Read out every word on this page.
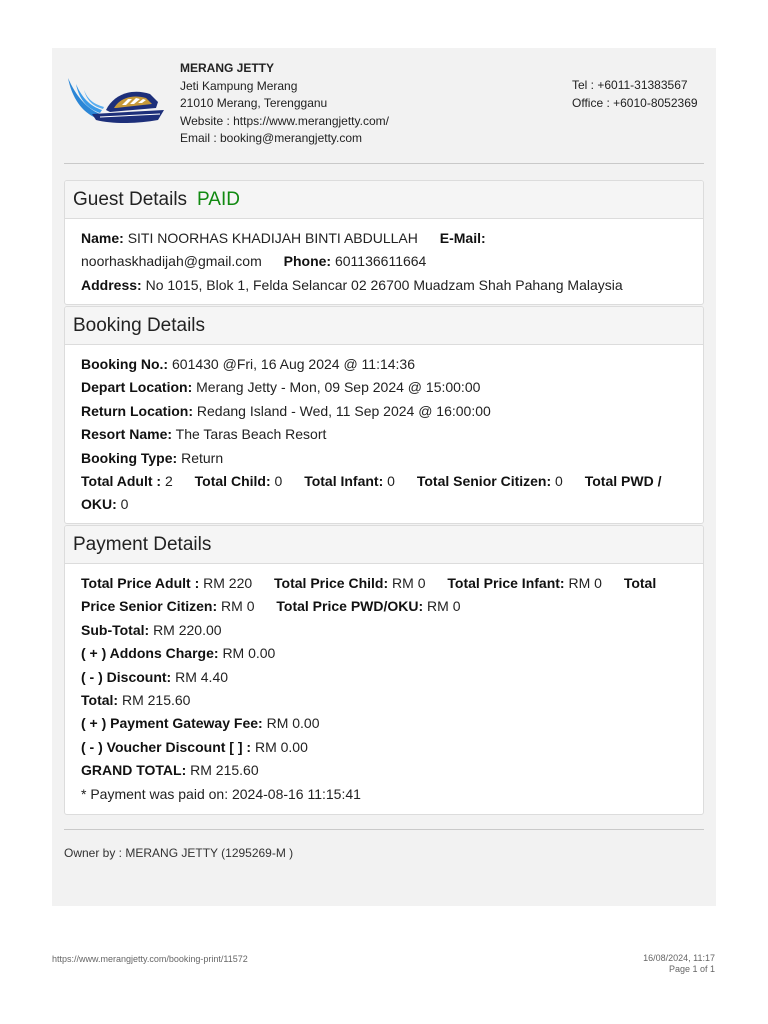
MERANG JETTY
Jeti Kampung Merang
21010 Merang, Terengganu
Website : https://www.merangjetty.com/
Email : booking@merangjetty.com
Tel : +6011-31383567
Office : +6010-8052369
Guest Details PAID
Name: SITI NOORHAS KHADIJAH BINTI ABDULLAH E-Mail:
noorhaskhadijah@gmail.com Phone: 601136611664
Address: No 1015, Blok 1, Felda Selancar 02 26700 Muadzam Shah Pahang Malaysia
Booking Details
Booking No.: 601430 @Fri, 16 Aug 2024 @ 11:14:36
Depart Location: Merang Jetty - Mon, 09 Sep 2024 @ 15:00:00
Return Location: Redang Island - Wed, 11 Sep 2024 @ 16:00:00
Resort Name: The Taras Beach Resort
Booking Type: Return
Total Adult : 2 Total Child: 0 Total Infant: 0 Total Senior Citizen: 0 Total PWD / OKU: 0
Payment Details
Total Price Adult : RM 220 Total Price Child: RM 0 Total Price Infant: RM 0 Total Price Senior Citizen: RM 0 Total Price PWD/OKU: RM 0
Sub-Total: RM 220.00
( + ) Addons Charge: RM 0.00
( - ) Discount: RM 4.40
Total: RM 215.60
( + ) Payment Gateway Fee: RM 0.00
( - ) Voucher Discount [ ] : RM 0.00
GRAND TOTAL: RM 215.60
* Payment was paid on: 2024-08-16 11:15:41
Owner by : MERANG JETTY (1295269-M )
https://www.merangjetty.com/booking-print/11572	16/08/2024, 11:17
Page 1 of 1
